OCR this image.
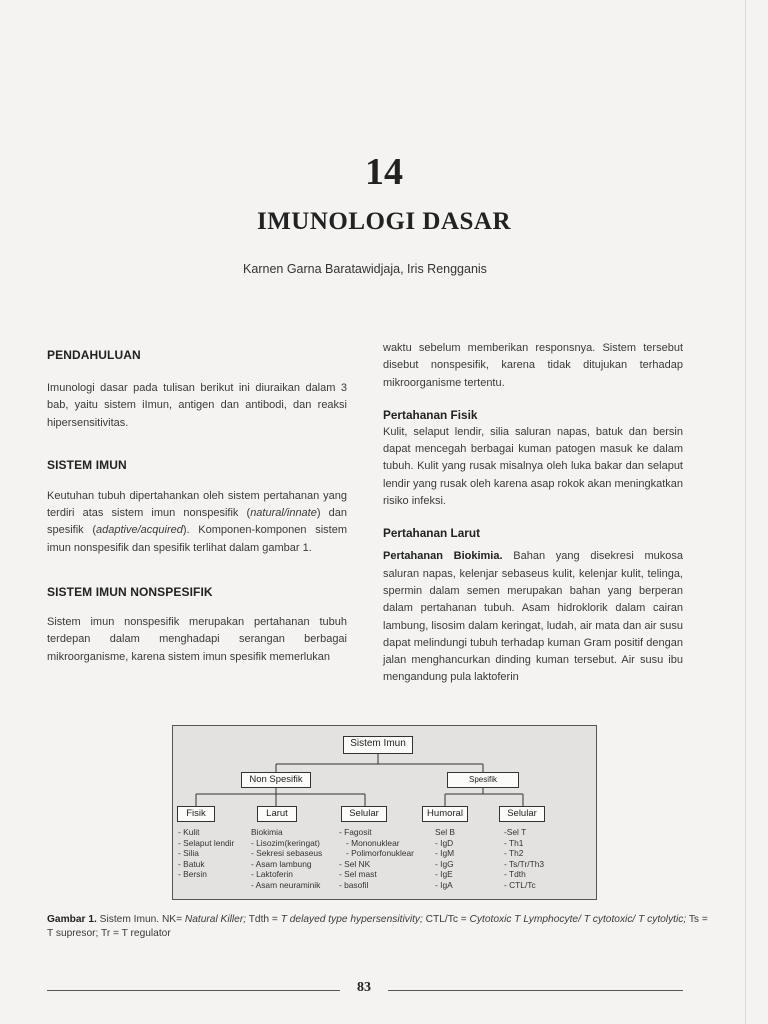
14
IMUNOLOGI DASAR
Karnen Garna Baratawidjaja, Iris Rengganis
PENDAHULUAN

Imunologi dasar pada tulisan berikut ini diuraikan dalam 3 bab, yaitu sistem iImun, antigen dan antibodi, dan reaksi hipersensitivitas.

SISTEM IMUN

Keutuhan tubuh dipertahankan oleh sistem pertahanan yang terdiri atas sistem imun nonspesifik (natural/innate) dan spesifik (adaptive/acquired). Komponen-komponen sistem imun nonspesifik dan spesifik terlihat dalam gambar 1.

SISTEM IMUN NONSPESIFIK

Sistem imun nonspesifik merupakan pertahanan tubuh terdepan dalam menghadapi serangan berbagai mikroorganisme, karena sistem imun spesifik memerlukan

waktu sebelum memberikan responsnya. Sistem tersebut disebut nonspesifik, karena tidak ditujukan terhadap mikroorganisme tertentu.

Pertahanan Fisik

Kulit, selaput lendir, silia saluran napas, batuk dan bersin dapat mencegah berbagai kuman patogen masuk ke dalam tubuh. Kulit yang rusak misalnya oleh luka bakar dan selaput lendir yang rusak oleh karena asap rokok akan meningkatkan risiko infeksi.

Pertahanan Larut

Pertahanan Biokimia. Bahan yang disekresi mukosa saluran napas, kelenjar sebaseus kulit, kelenjar kulit, telinga, spermin dalam semen merupakan bahan yang berperan dalam pertahanan tubuh. Asam hidroklorik dalam cairan lambung, lisosim dalam keringat, ludah, air mata dan air susu dapat melindungi tubuh terhadap kuman Gram positif dengan jalan menghancurkan dinding kuman tersebut. Air susu ibu mengandung pula laktoferin

Sistem Imun
Non Spesifik	Spesifik
Fisik	Larut	Selular	Humoral	Selular
- Kulit
- Selaput lendir
- Silia
- Batuk
- Bersin
Biokimia
- Lisozim(keringat)
- Sekresi sebaseus
- Asam lambung
- Laktoferin
- Asam neuraminik
- Fagosit
- Mononuklear
- Polimorfonuklear
- Sel NK
- Sel mast
- basofil
Sel B
- IgD
- IgM
- IgG
- IgE
- IgA
-Sel T
- Th1
- Th2
- Ts/Tr/Th3
- Tdth
- CTL/Tc
Gambar 1. Sistem Imun. NK= Natural Killer; Tdth = T delayed type hypersensitivity; CTL/Tc = Cytotoxic T Lymphocyte/ T cytotoxic/ T cytolytic; Ts = T supresor; Tr = T regulator
83
